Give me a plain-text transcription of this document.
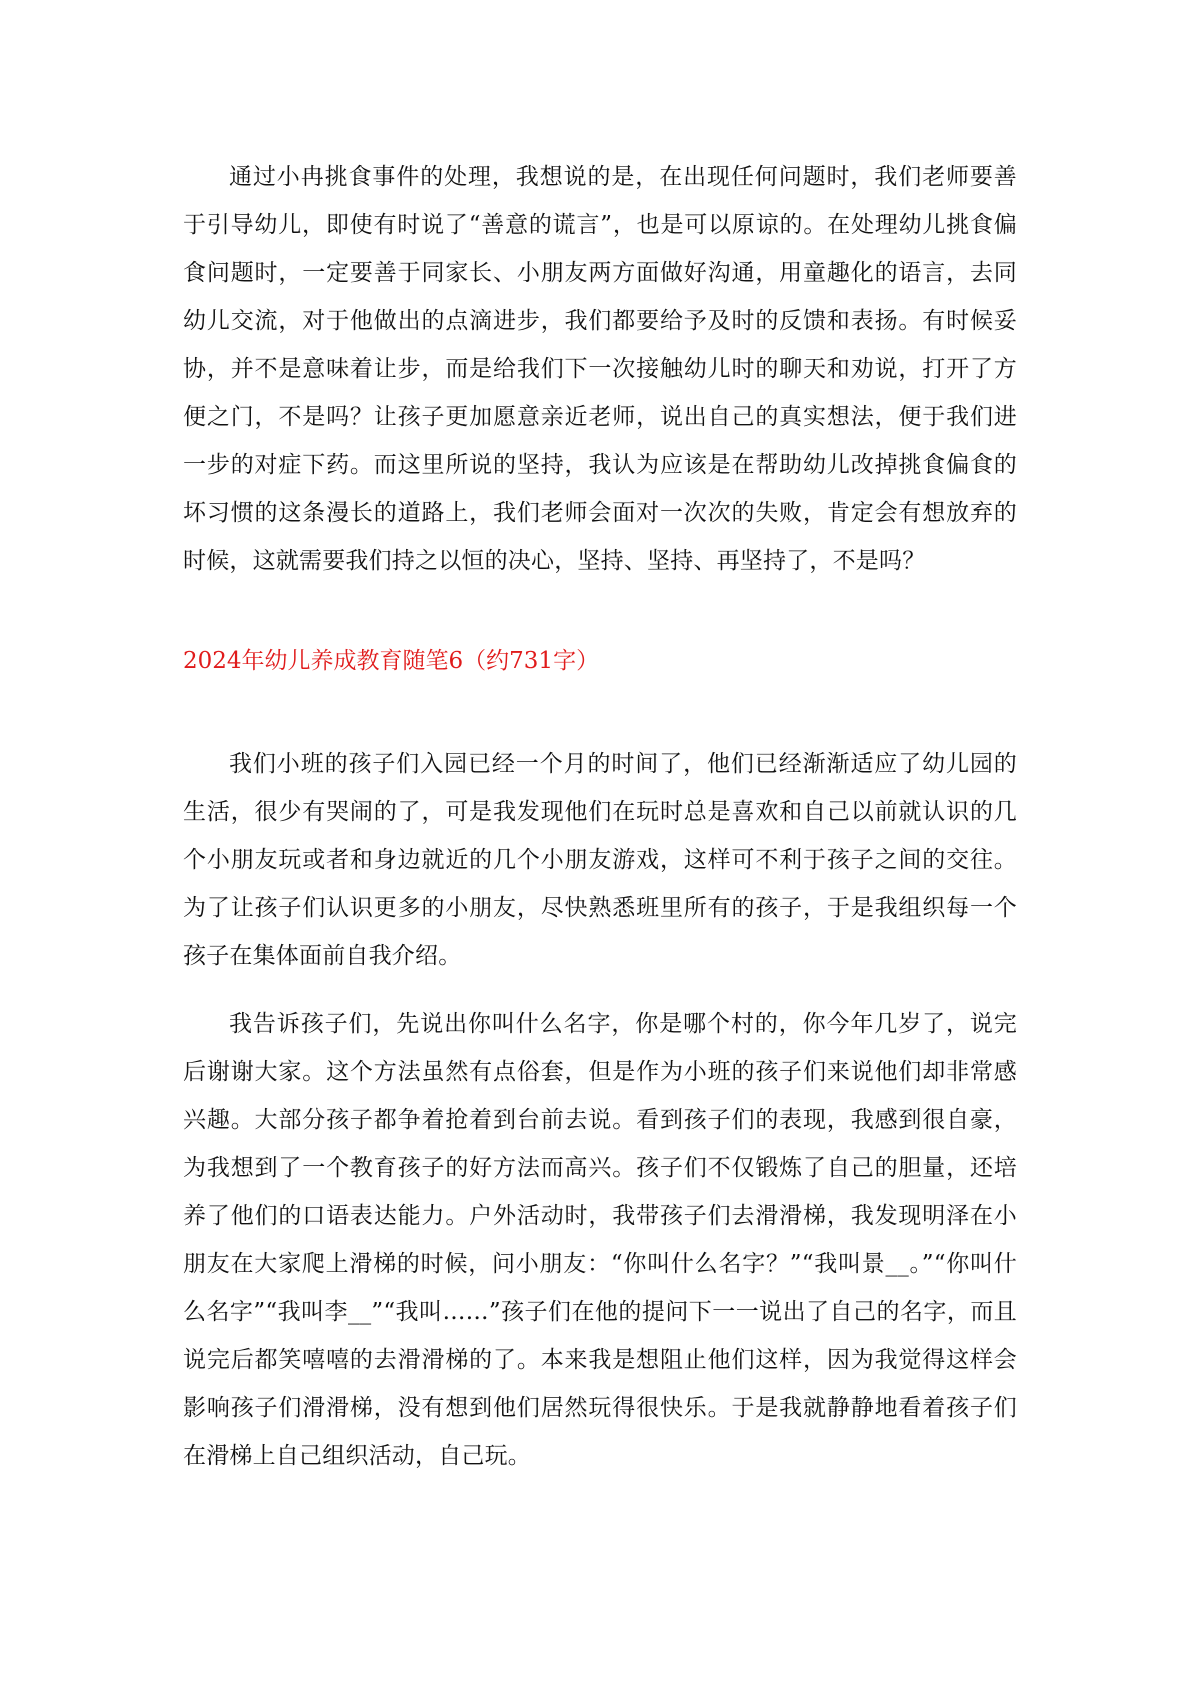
通过小冉挑食事件的处理，我想说的是，在出现任何问题时，我们老师要善于引导幼儿，即使有时说了“善意的谎言”，也是可以原谅的。在处理幼儿挑食偏食问题时，一定要善于同家长、小朋友两方面做好沟通，用童趣化的语言，去同幼儿交流，对于他做出的点滴进步，我们都要给予及时的反馈和表扬。有时候妥协，并不是意味着让步，而是给我们下一次接触幼儿时的聊天和劝说，打开了方便之门，不是吗？让孩子更加愿意亲近老师，说出自己的真实想法，便于我们进一步的对症下药。而这里所说的坚持，我认为应该是在帮助幼儿改掉挑食偏食的坏习惯的这条漫长的道路上，我们老师会面对一次次的失败，肯定会有想放弃的时候，这就需要我们持之以恒的决心，坚持、坚持、再坚持了，不是吗？

2024年幼儿养成教育随笔6（约731字）

我们小班的孩子们入园已经一个月的时间了，他们已经渐渐适应了幼儿园的生活，很少有哭闹的了，可是我发现他们在玩时总是喜欢和自己以前就认识的几个小朋友玩或者和身边就近的几个小朋友游戏，这样可不利于孩子之间的交往。为了让孩子们认识更多的小朋友，尽快熟悉班里所有的孩子，于是我组织每一个孩子在集体面前自我介绍。

我告诉孩子们，先说出你叫什么名字，你是哪个村的，你今年几岁了，说完后谢谢大家。这个方法虽然有点俗套，但是作为小班的孩子们来说他们却非常感兴趣。大部分孩子都争着抢着到台前去说。看到孩子们的表现，我感到很自豪，为我想到了一个教育孩子的好方法而高兴。孩子们不仅锻炼了自己的胆量，还培养了他们的口语表达能力。户外活动时，我带孩子们去滑滑梯，我发现明泽在小朋友在大家爬上滑梯的时候，问小朋友：“你叫什么名字？”“我叫景__。”“你叫什么名字”“我叫李__”“我叫……”孩子们在他的提问下一一说出了自己的名字，而且说完后都笑嘻嘻的去滑滑梯的了。本来我是想阻止他们这样，因为我觉得这样会影响孩子们滑滑梯，没有想到他们居然玩得很快乐。于是我就静静地看着孩子们在滑梯上自己组织活动，自己玩。
